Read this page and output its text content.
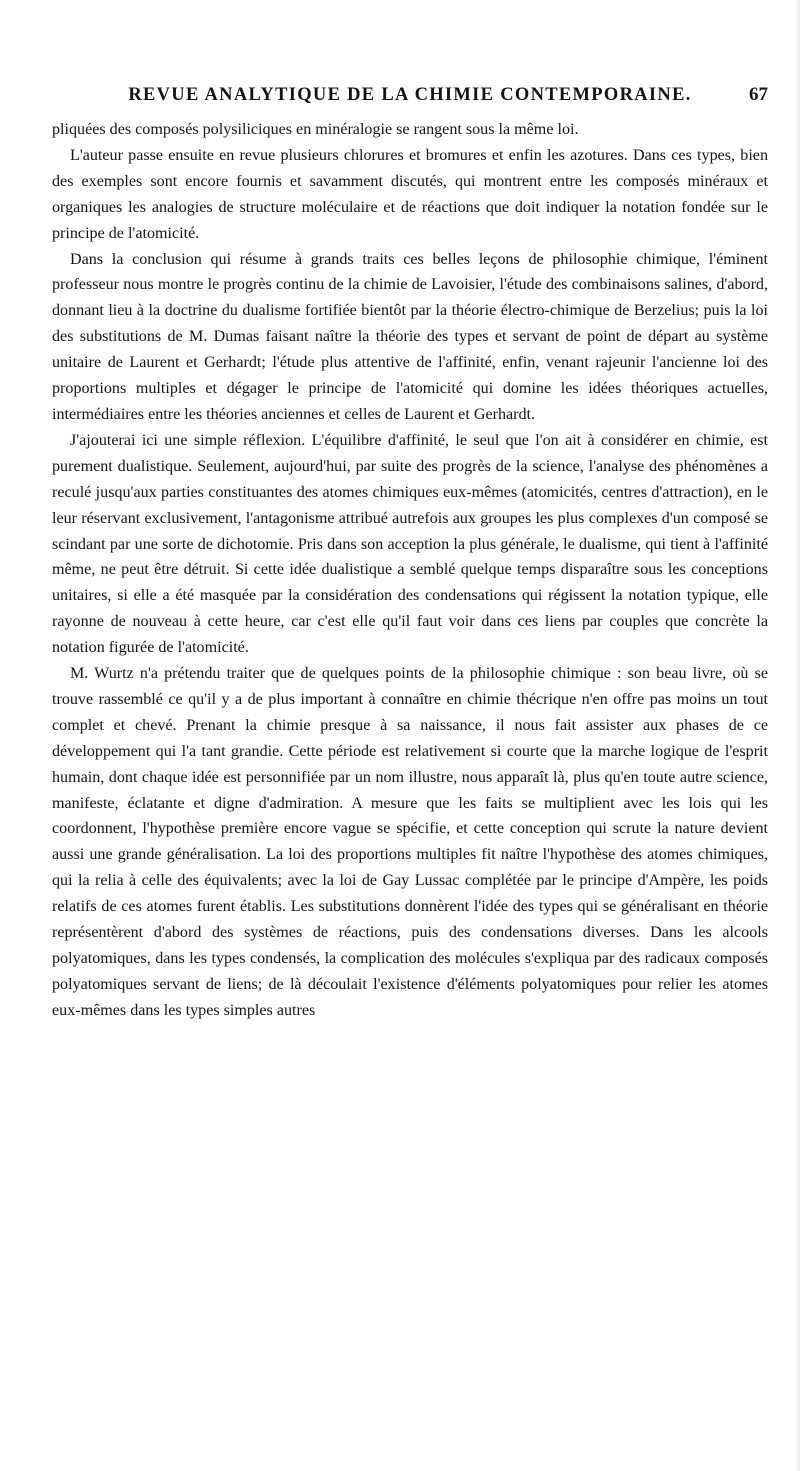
REVUE ANALYTIQUE DE LA CHIMIE CONTEMPORAINE.	67

pliquées des composés polysiliciques en minéralogie se rangent sous la même loi.

L'auteur passe ensuite en revue plusieurs chlorures et bromures et enfin les azotures. Dans ces types, bien des exemples sont encore fournis et savamment discutés, qui montrent entre les composés minéraux et organiques les analogies de structure moléculaire et de réactions que doit indiquer la notation fondée sur le principe de l'atomicité.

Dans la conclusion qui résume à grands traits ces belles leçons de philosophie chimique, l'éminent professeur nous montre le progrès continu de la chimie de Lavoisier, l'étude des combinaisons salines, d'abord, donnant lieu à la doctrine du dualisme fortifiée bientôt par la théorie électro-chimique de Berzelius; puis la loi des substitutions de M. Dumas faisant naître la théorie des types et servant de point de départ au système unitaire de Laurent et Gerhardt; l'étude plus attentive de l'affinité, enfin, venant rajeunir l'ancienne loi des proportions multiples et dégager le principe de l'atomicité qui domine les idées théoriques actuelles, intermédiaires entre les théories anciennes et celles de Laurent et Gerhardt.

J'ajouterai ici une simple réflexion. L'équilibre d'affinité, le seul que l'on ait à considérer en chimie, est purement dualistique. Seulement, aujourd'hui, par suite des progrès de la science, l'analyse des phénomènes a reculé jusqu'aux parties constituantes des atomes chimiques eux-mêmes (atomicités, centres d'attraction), en le leur réservant exclusivement, l'antagonisme attribué autrefois aux groupes les plus complexes d'un composé se scindant par une sorte de dichotomie. Pris dans son acception la plus générale, le dualisme, qui tient à l'affinité même, ne peut être détruit. Si cette idée dualistique a semblé quelque temps disparaître sous les conceptions unitaires, si elle a été masquée par la considération des condensations qui régissent la notation typique, elle rayonne de nouveau à cette heure, car c'est elle qu'il faut voir dans ces liens par couples que concrète la notation figurée de l'atomicité.

M. Wurtz n'a prétendu traiter que de quelques points de la philosophie chimique : son beau livre, où se trouve rassemblé ce qu'il y a de plus important à connaître en chimie thécrique n'en offre pas moins un tout complet et chevé. Prenant la chimie presque à sa naissance, il nous fait assister aux phases de ce développement qui l'a tant grandie. Cette période est relativement si courte que la marche logique de l'esprit humain, dont chaque idée est personnifiée par un nom illustre, nous apparaît là, plus qu'en toute autre science, manifeste, éclatante et digne d'admiration. A mesure que les faits se multiplient avec les lois qui les coordonnent, l'hypothèse première encore vague se spécifie, et cette conception qui scrute la nature devient aussi une grande généralisation. La loi des proportions multiples fit naître l'hypothèse des atomes chimiques, qui la relia à celle des équivalents; avec la loi de Gay Lussac complétée par le principe d'Ampère, les poids relatifs de ces atomes furent établis. Les substitutions donnèrent l'idée des types qui se généralisant en théorie représentèrent d'abord des systèmes de réactions, puis des condensations diverses. Dans les alcools polyatomiques, dans les types condensés, la complication des molécules s'expliqua par des radicaux composés polyatomiques servant de liens; de là découlait l'existence d'éléments polyatomiques pour relier les atomes eux-mêmes dans les types simples autres
